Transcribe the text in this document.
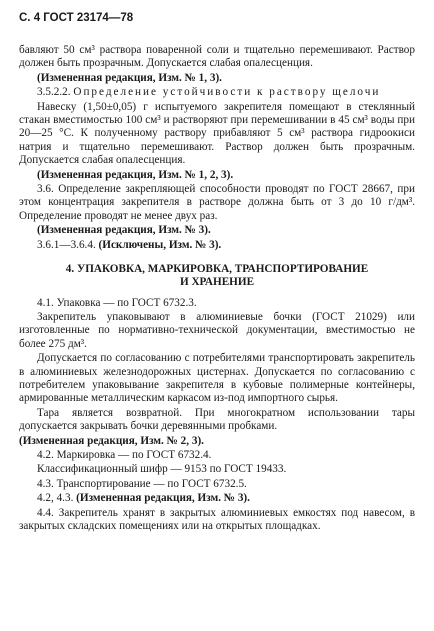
С. 4 ГОСТ 23174—78

бавляют 50 см³ раствора поваренной соли и тщательно перемешивают. Раствор должен быть прозрачным. Допускается слабая опалесценция.

(Измененная редакция, Изм. № 1, 3).

3.5.2.2. Определение устойчивости к раствору щелочи

Навеску (1,50±0,05) г испытуемого закрепителя помещают в стеклянный стакан вместимостью 100 см³ и растворяют при перемешивании в 45 см³ воды при 20—25 °С. К полученному раствору прибавляют 5 см³ раствора гидроокиси натрия и тщательно перемешивают. Раствор должен быть прозрачным. Допускается слабая опалесценция.

(Измененная редакция, Изм. № 1, 2, 3).

3.6. Определение закрепляющей способности проводят по ГОСТ 28667, при этом концентрация закрепителя в растворе должна быть от 3 до 10 г/дм³. Определение проводят не менее двух раз.

(Измененная редакция, Изм. № 3).

3.6.1—3.6.4. (Исключены, Изм. № 3).

4. УПАКОВКА, МАРКИРОВКА, ТРАНСПОРТИРОВАНИЕ
И ХРАНЕНИЕ

4.1. Упаковка — по ГОСТ 6732.3.

Закрепитель упаковывают в алюминиевые бочки (ГОСТ 21029) или изготовленные по нормативно-технической документации, вместимостью не более 275 дм³.

Допускается по согласованию с потребителями транспортировать закрепитель в алюминиевых железнодорожных цистернах. Допускается по согласованию с потребителем упаковывание закрепителя в кубовые полимерные контейнеры, армированные металлическим каркасом из-под импортного сырья.

Тара является возвратной. При многократном использовании тары допускается закрывать бочки деревянными пробками.

(Измененная редакция, Изм. № 2, 3).

4.2. Маркировка — по ГОСТ 6732.4.

Классификационный шифр — 9153 по ГОСТ 19433.

4.3. Транспортирование — по ГОСТ 6732.5.

4.2, 4.3. (Измененная редакция, Изм. № 3).

4.4. Закрепитель хранят в закрытых алюминиевых емкостях под навесом, в закрытых складских помещениях или на открытых площадках.
